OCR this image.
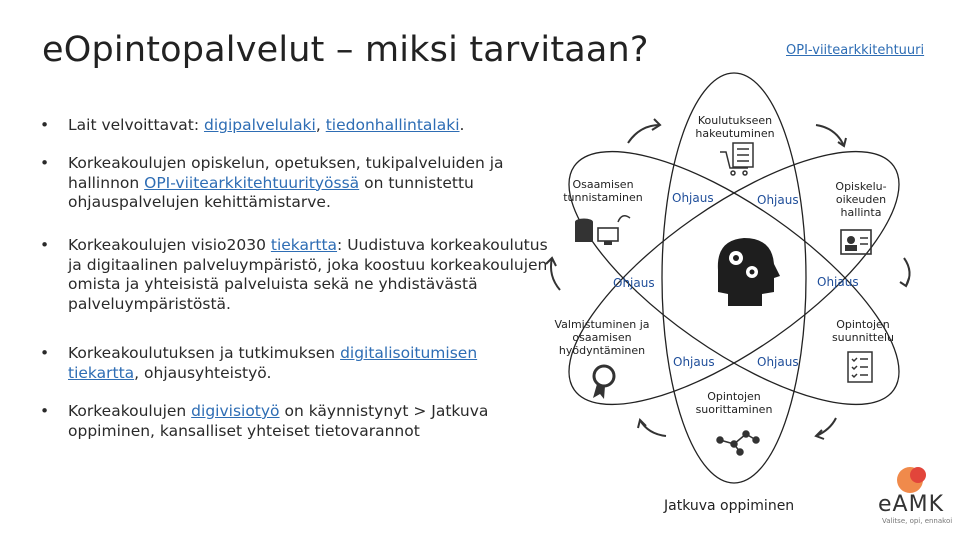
eOpintopalvelut – miksi tarvitaan?	OPI-viitearkkitehtuuri
• Lait velvoittavat: digipalvelulaki, tiedonhallintalaki.
• Korkeakoulujen opiskelun, opetuksen, tukipalveluiden ja hallinnon OPI-viitearkkitehtuurityössä on tunnistettu ohjauspalvelujen kehittämistarve.
• Korkeakoulujen visio2030 tiekartta: Uudistuva korkeakoulutus ja digitaalinen palveluympäristö, joka koostuu korkeakoulujen omista ja yhteisistä palveluista sekä ne yhdistävästä palveluympäristöstä.
• Korkeakoulutuksen ja tutkimuksen digitalisoitumisen tiekartta, ohjausyhteistyö.
• Korkeakoulujen digivisiotyö on käynnistynyt > Jatkuva oppiminen, kansalliset yhteiset tietovarannot
Koulutukseen hakeutuminen
Osaamisen tunnistaminen
Opiskelu-oikeuden hallinta
Valmistuminen ja osaamisen hyödyntäminen
Opintojen suunnittelu
Opintojen suorittaminen
Ohjaus	Ohjaus
Ohjaus	Ohjaus
Ohjaus	Ohjaus
Jatkuva oppiminen	eAMK
Valitse, opi, ennakoi
